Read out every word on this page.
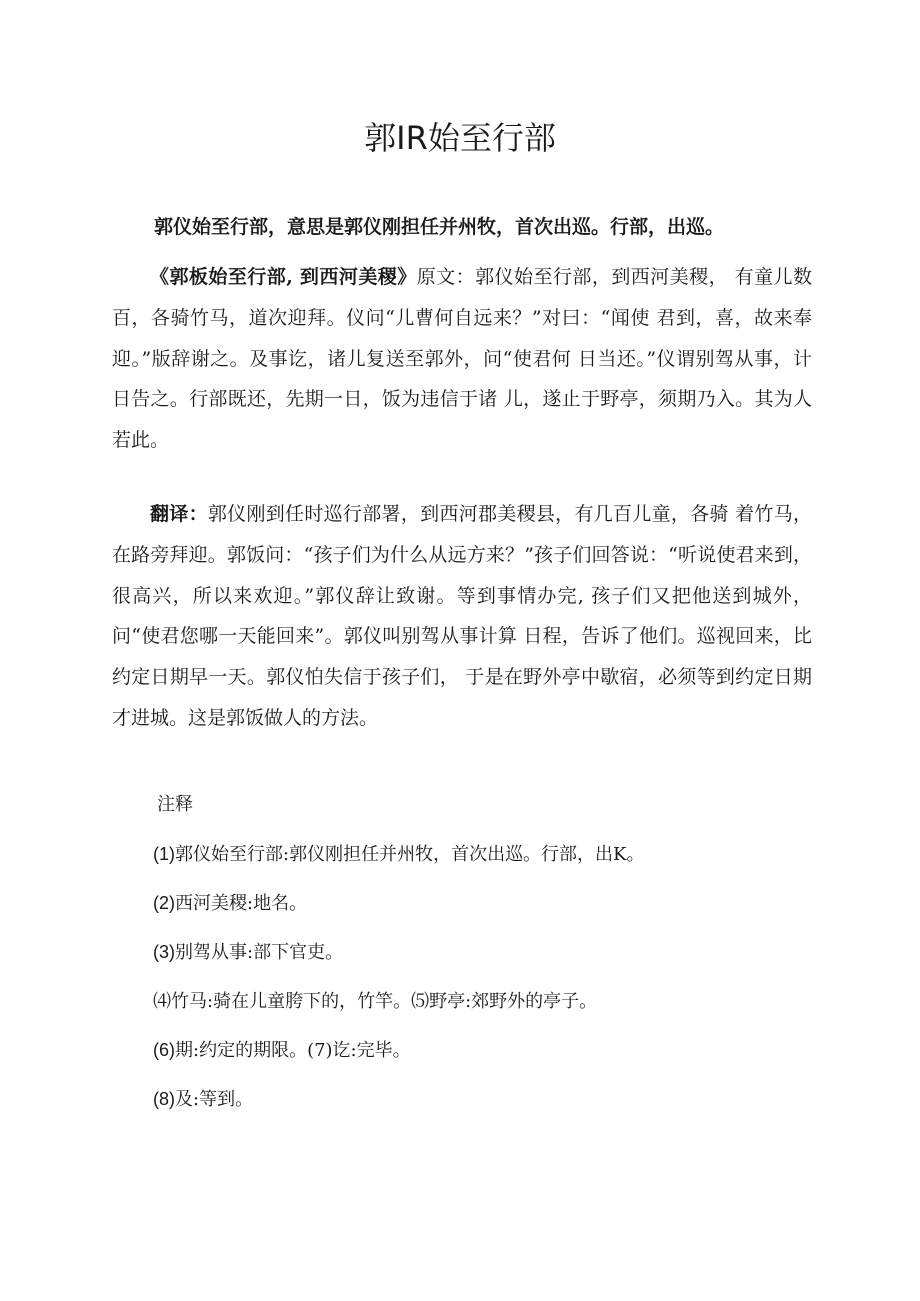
郭IR始至行部

郭仪始至行部，意思是郭仪刚担任并州牧，首次出巡。行部，出巡。

《郭板始至行部, 到西河美稷》原文：郭仪始至行部，到西河美稷， 有童儿数百，各骑竹马，道次迎拜。仪问“儿曹何自远来？”对曰：“闻使 君到，喜，故来奉迎。”版辞谢之。及事讫，诸儿复送至郭外，问“使君何 日当还。”仪谓别驾从事，计日告之。行部既还，先期一日，饭为违信于诸 儿，遂止于野亭，须期乃入。其为人若此。

翻译：郭仪刚到任时巡行部署，到西河郡美稷县，有几百儿童，各骑 着竹马，在路旁拜迎。郭饭问：“孩子们为什么从远方来？”孩子们回答说：“听说使君来到，很高兴，所以来欢迎。”郭仪辞让致谢。等到事情办完, 孩子们又把他送到城外，问“使君您哪一天能回来”。郭仪叫别驾从事计算 日程，告诉了他们。巡视回来，比约定日期早一天。郭仪怕失信于孩子们， 于是在野外亭中歇宿，必须等到约定日期才进城。这是郭饭做人的方法。

注释
(1)郭仪始至行部:郭仪刚担任并州牧，首次出巡。行部，出K。
(2)西河美稷:地名。
(3)别驾从事:部下官吏。
⑷竹马:骑在儿童胯下的，竹竿。⑸野亭:郊野外的亭子。
(6)期:约定的期限。(7)讫:完毕。
(8)及:等到。
